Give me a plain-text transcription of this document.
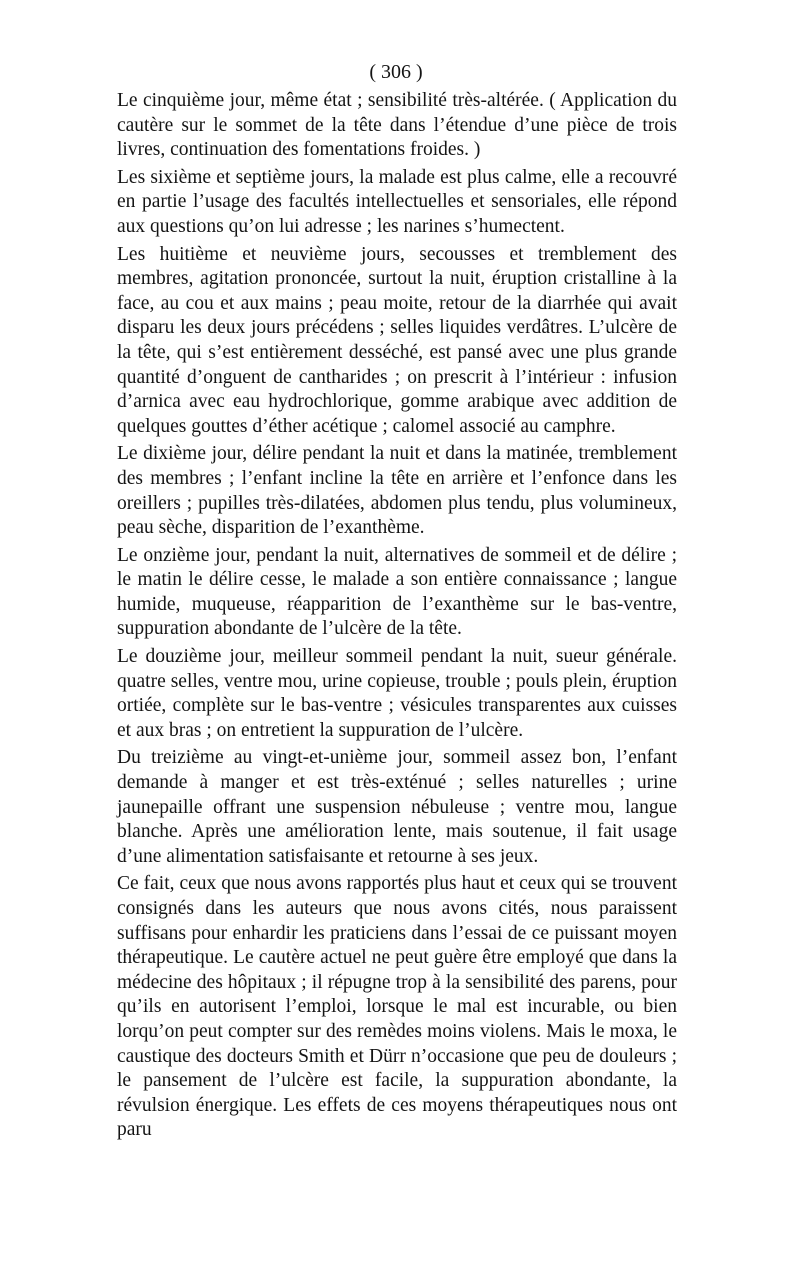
( 306 )

Le cinquième jour, même état ; sensibilité très-altérée. ( Application du cautère sur le sommet de la tête dans l’étendue d’une pièce de trois livres, continuation des fomentations froides. )

Les sixième et septième jours, la malade est plus calme, elle a recouvré en partie l’usage des facultés intellectuelles et sensoriales, elle répond aux questions qu’on lui adresse ; les narines s’humectent.

Les huitième et neuvième jours, secousses et tremblement des membres, agitation prononcée, surtout la nuit, éruption cristalline à la face, au cou et aux mains ; peau moite, retour de la diarrhée qui avait disparu les deux jours précédens ; selles liquides verdâtres. L’ulcère de la tête, qui s’est entièrement desséché, est pansé avec une plus grande quantité d’onguent de cantharides ; on prescrit à l’intérieur : infusion d’arnica avec eau hydrochlorique, gomme arabique avec addition de quelques gouttes d’éther acétique ; calomel associé au camphre.

Le dixième jour, délire pendant la nuit et dans la matinée, tremblement des membres ; l’enfant incline la tête en arrière et l’enfonce dans les oreillers ; pupilles très-dilatées, abdomen plus tendu, plus volumineux, peau sèche, disparition de l’exanthème.

Le onzième jour, pendant la nuit, alternatives de sommeil et de délire ; le matin le délire cesse, le malade a son entière connaissance ; langue humide, muqueuse, réapparition de l’exanthème sur le bas-ventre, suppuration abondante de l’ulcère de la tête.

Le douzième jour, meilleur sommeil pendant la nuit, sueur générale. quatre selles, ventre mou, urine copieuse, trouble ; pouls plein, éruption ortiée, complète sur le bas-ventre ; vésicules transparentes aux cuisses et aux bras ; on entretient la suppuration de l’ulcère.

Du treizième au vingt-et-unième jour, sommeil assez bon, l’enfant demande à manger et est très-exténué ; selles naturelles ; urine jaunepaille offrant une suspension nébuleuse ; ventre mou, langue blanche. Après une amélioration lente, mais soutenue, il fait usage d’une alimentation satisfaisante et retourne à ses jeux.

Ce fait, ceux que nous avons rapportés plus haut et ceux qui se trouvent consignés dans les auteurs que nous avons cités, nous paraissent suffisans pour enhardir les praticiens dans l’essai de ce puissant moyen thérapeutique. Le cautère actuel ne peut guère être employé que dans la médecine des hôpitaux ; il répugne trop à la sensibilité des parens, pour qu’ils en autorisent l’emploi, lorsque le mal est incurable, ou bien lorqu’on peut compter sur des remèdes moins violens. Mais le moxa, le caustique des docteurs Smith et Dürr n’occasione que peu de douleurs ; le pansement de l’ulcère est facile, la suppuration abondante, la révulsion énergique. Les effets de ces moyens thérapeutiques nous ont paru
